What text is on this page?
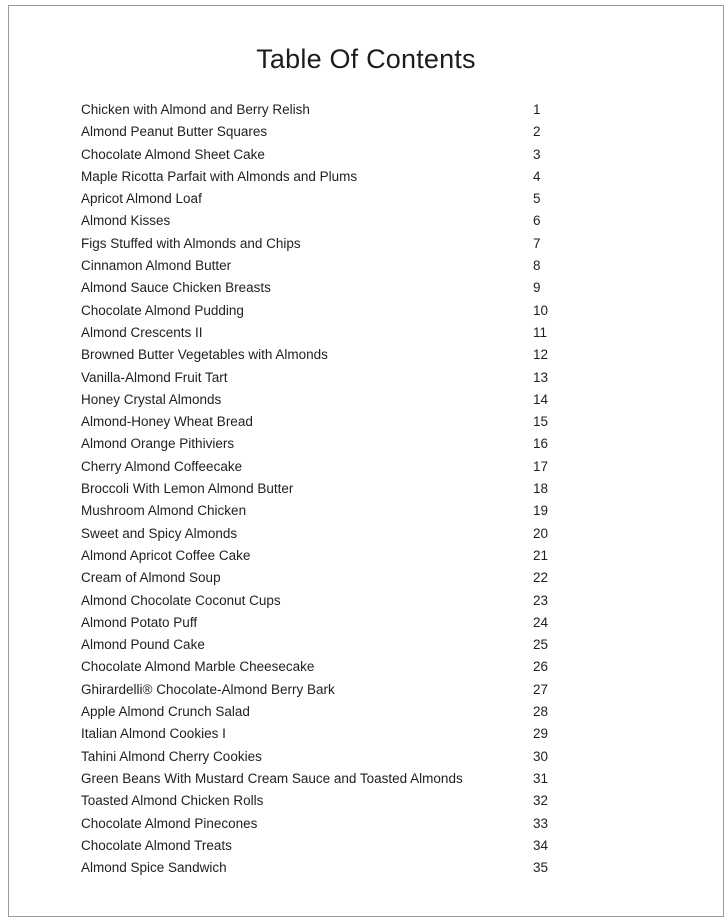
Table Of Contents
Chicken with Almond and Berry Relish	1
Almond Peanut Butter Squares	2
Chocolate Almond Sheet Cake	3
Maple Ricotta Parfait with Almonds and Plums	4
Apricot Almond Loaf	5
Almond Kisses	6
Figs Stuffed with Almonds and Chips	7
Cinnamon Almond Butter	8
Almond Sauce Chicken Breasts	9
Chocolate Almond Pudding	10
Almond Crescents II	11
Browned Butter Vegetables with Almonds	12
Vanilla-Almond Fruit Tart	13
Honey Crystal Almonds	14
Almond-Honey Wheat Bread	15
Almond Orange Pithiviers	16
Cherry Almond Coffeecake	17
Broccoli With Lemon Almond Butter	18
Mushroom Almond Chicken	19
Sweet and Spicy Almonds	20
Almond Apricot Coffee Cake	21
Cream of Almond Soup	22
Almond Chocolate Coconut Cups	23
Almond Potato Puff	24
Almond Pound Cake	25
Chocolate Almond Marble Cheesecake	26
Ghirardelli® Chocolate-Almond Berry Bark	27
Apple Almond Crunch Salad	28
Italian Almond Cookies I	29
Tahini Almond Cherry Cookies	30
Green Beans With Mustard Cream Sauce and Toasted Almonds	31
Toasted Almond Chicken Rolls	32
Chocolate Almond Pinecones	33
Chocolate Almond Treats	34
Almond Spice Sandwich	35
